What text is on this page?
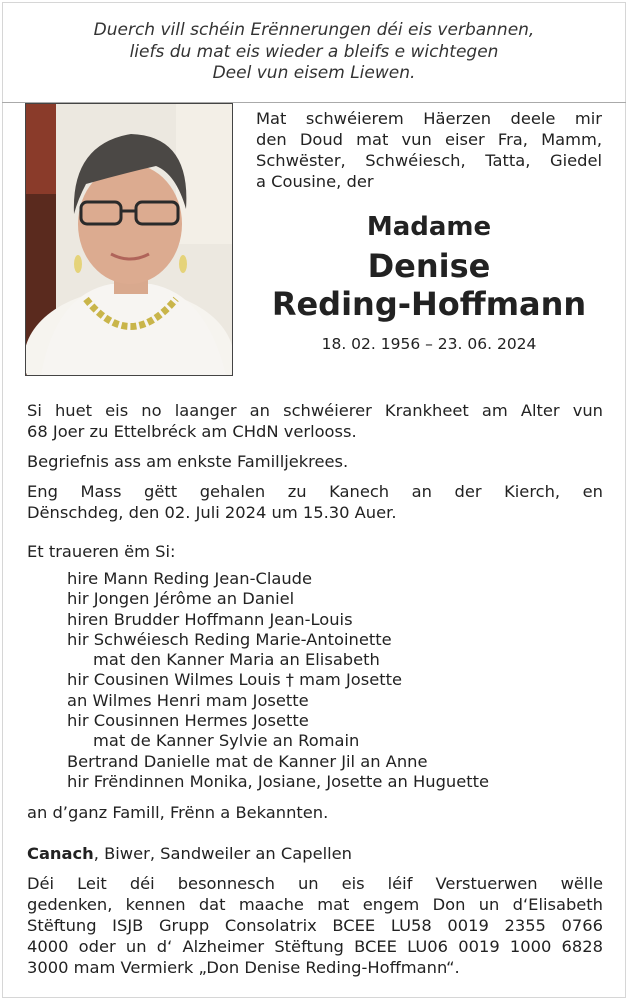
Duerch vill schéin Erënnerungen déi eis verbannen,
liefs du mat eis wieder a bleifs e wichtegen
Deel vun eisem Liewen.
Mat schwéierem Häerzen deele mir
den Doud mat vun eiser Fra, Mamm,
Schwëster, Schwéiesch, Tatta, Giedel
a Cousine, der
Madame
Denise
Reding-Hoffmann
18. 02. 1956 – 23. 06. 2024
Si huet eis no laanger an schwéierer Krankheet am Alter vun
68 Joer zu Ettelbréck am CHdN verlooss.
Begriefnis ass am enkste Familljekrees.
Eng Mass gëtt gehalen zu Kanech an der Kierch, en
Dënschdeg, den 02. Juli 2024 um 15.30 Auer.
Et traueren ëm Si:
hire Mann Reding Jean-Claude
hir Jongen Jérôme an Daniel
hiren Brudder Hoffmann Jean-Louis
hir Schwéiesch Reding Marie-Antoinette
mat den Kanner Maria an Elisabeth
hir Cousinen Wilmes Louis † mam Josette
an Wilmes Henri mam Josette
hir Cousinnen Hermes Josette
mat de Kanner Sylvie an Romain
Bertrand Danielle mat de Kanner Jil an Anne
hir Frëndinnen Monika, Josiane, Josette an Huguette
an d’ganz Famill, Frënn a Bekannten.
Canach, Biwer, Sandweiler an Capellen
Déi Leit déi besonnesch un eis léif Verstuerwen wëlle
gedenken, kennen dat maache mat engem Don un d‘Elisabeth
Stëftung ISJB Grupp Consolatrix BCEE LU58 0019 2355 0766
4000 oder un d‘ Alzheimer Stëftung BCEE LU06 0019 1000 6828
3000 mam Vermierk „Don Denise Reding-Hoffmann“.
